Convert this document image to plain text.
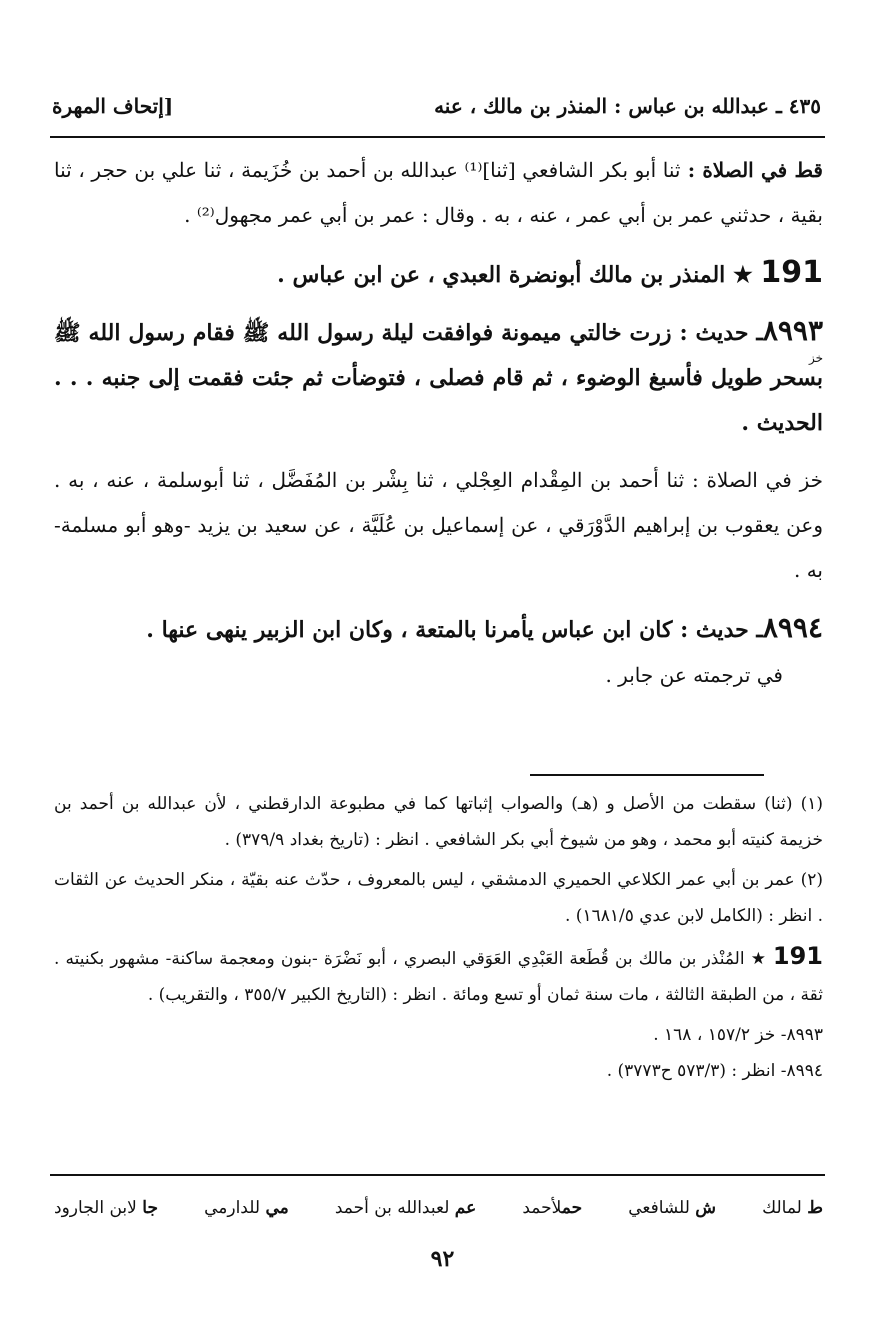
٤٣٥ ـ عبدالله بن عباس : المنذر بن مالك ، عنه
[إتحاف المهرة

قط في الصلاة : ثنا أبو بكر الشافعي [ثنا]⁽¹⁾ عبدالله بن أحمد بن خُزَيمة ، ثنا علي بن حجر ، ثنا بقية ، حدثني عمر بن أبي عمر ، عنه ، به . وقال : عمر بن أبي عمر مجهول⁽²⁾ .

191 ★ المنذر بن مالك أبونضرة العبدي ، عن ابن عباس .

٨٩٩٣ـ حديث : زرت خالتي ميمونة فوافقت ليلة رسول الله ﷺ فقام رسول الله ﷺ بسحر طويل فأسبغ الوضوء ، ثم قام فصلى ، فتوضأت ثم جئت فقمت إلى جنبه . . . الحديث .
خز

خز في الصلاة : ثنا أحمد بن المِقْدام العِجْلي ، ثنا بِشْر بن المُفَضَّل ، ثنا أبوسلمة ، عنه ، به . وعن يعقوب بن إبراهيم الدَّوْرَقي ، عن إسماعيل بن عُلَيَّة ، عن سعيد بن يزيد -وهو أبو مسلمة- به .

٨٩٩٤ـ حديث : كان ابن عباس يأمرنا بالمتعة ، وكان ابن الزبير ينهى عنها .

في ترجمته عن جابر .

(١) (ثنا) سقطت من الأصل و (هـ) والصواب إثباتها كما في مطبوعة الدارقطني ، لأن عبدالله بن أحمد بن خزيمة كنيته أبو محمد ، وهو من شيوخ أبي بكر الشافعي . انظر : (تاريخ بغداد ٣٧٩/٩) .

(٢) عمر بن أبي عمر الكلاعي الحميري الدمشقي ، ليس بالمعروف ، حدّث عنه بقيّة ، منكر الحديث عن الثقات . انظر : (الكامل لابن عدي ١٦٨١/٥) .

191 ★ المُنْذر بن مالك بن قُطَعة العَبْدِي العَوَقي البصري ، أبو نَضْرَة -بنون ومعجمة ساكنة- مشهور بكنيته . ثقة ، من الطبقة الثالثة ، مات سنة ثمان أو تسع ومائة . انظر : (التاريخ الكبير ٣٥٥/٧ ، والتقريب) .

٨٩٩٣- خز ١٥٧/٢ ، ١٦٨ .

٨٩٩٤- انظر : (٥٧٣/٣ ح٣٧٧٣) .

ط لمالك
ش للشافعي
حملأحمد
عم لعبدالله بن أحمد
مي للدارمي
جا لابن الجارود
٩٢
